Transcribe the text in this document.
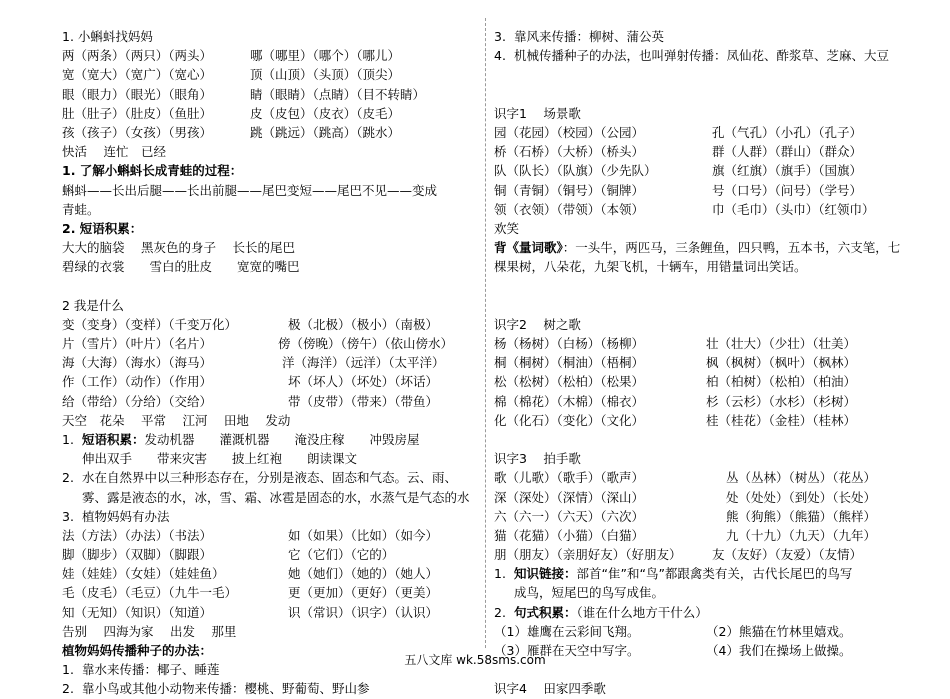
1. 小蝌蚪找妈妈
两（两条）（两只）（两头）	哪（哪里）（哪个）（哪儿）
宽（宽大）（宽广）（宽心）	顶（山顶）（头顶）（顶尖）
眼（眼力）（眼光）（眼角）	睛（眼睛）（点睛）（目不转睛）
肚（肚子）（肚皮）（鱼肚）	皮（皮包）（皮衣）（皮毛）
孩（孩子）（女孩）（男孩）	跳（跳远）（跳高）（跳水）
快活　 连忙　已经
1. 了解小蝌蚪长成青蛙的过程：
蝌蚪——长出后腿——长出前腿——尾巴变短——尾巴不见——变成
青蛙。
2. 短语积累：
大大的脑袋　 黑灰色的身子　 长长的尾巴
碧绿的衣裳　　雪白的肚皮　　宽宽的嘴巴
2 我是什么
变（变身）（变样）（千变万化）	极（北极）（极小）（南极）
片（雪片）（叶片）（名片）	傍（傍晚）（傍午）（依山傍水）
海（大海）（海水）（海马）	洋（海洋）（远洋）（太平洋）
作（工作）（动作）（作用）	坏（坏人）（坏处）（坏话）
给（带给）（分给）（交给）	带（皮带）（带来）（带鱼）
天空　花朵　 平常　 江河　 田地　 发动
1. 短语积累：发动机器　　灌溉机器　　淹没庄稼　　冲毁房屋
伸出双手　　带来灾害　　披上红袍　　朗读课文
2. 水在自然界中以三种形态存在，分别是液态、固态和气态。云、雨、
雾、露是液态的水，冰，雪、霜、冰雹是固态的水，水蒸气是气态的水
3. 植物妈妈有办法
法（方法）（办法）（书法）	如（如果）（比如）（如今）
脚（脚步）（双脚）（脚跟）	它（它们）（它的）
娃（娃娃）（女娃）（娃娃鱼）	她（她们）（她的）（她人）
毛（皮毛）（毛豆）（九牛一毛）	更（更加）（更好）（更美）
知（无知）（知识）（知道）	识（常识）（识字）（认识）
告别　 四海为家　 出发　 那里
植物妈妈传播种子的办法：
1. 靠水来传播：椰子、睡莲
2. 靠小鸟或其他小动物来传播：樱桃、野葡萄、野山参
3. 靠风来传播：柳树、蒲公英
4. 机械传播种子的办法，也叫弹射传播：凤仙花、酢浆草、芝麻、大豆
识字1　 场景歌
园（花园）（校园）（公园）	孔（气孔）（小孔）（孔子）
桥（石桥）（大桥）（桥头）	群（人群）（群山）（群众）
队（队长）（队旗）（少先队）	旗（红旗）（旗手）（国旗）
铜（青铜）（铜号）（铜牌）	号（口号）（问号）（学号）
领（衣领）（带领）（本领）	巾（毛巾）（头巾）（红领巾）
欢笑
背《量词歌》：一头牛，两匹马，三条鲤鱼，四只鸭，五本书，六支笔，七
棵果树，八朵花，九架飞机，十辆车，用错量词出笑话。
识字2　 树之歌
杨（杨树）（白杨）（杨柳）	壮（壮大）（少壮）（壮美）
桐（桐树）（桐油）（梧桐）	枫（枫树）（枫叶）（枫林）
松（松树）（松柏）（松果）	柏（柏树）（松柏）（柏油）
棉（棉花）（木棉）（棉衣）	杉（云杉）（水杉）（杉树）
化（化石）（变化）（文化）	桂（桂花）（金桂）（桂林）
识字3　 拍手歌
歌（儿歌）（歌手）（歌声）	丛（丛林）（树丛）（花丛）
深（深处）（深情）（深山）	处（处处）（到处）（长处）
六（六一）（六天）（六次）	熊（狗熊）（熊猫）（熊样）
猫（花猫）（小猫）（白猫）	九（十九）（九天）（九年）
朋（朋友）（亲朋好友）（好朋友） 友（友好）（友爱）（友情）
1. 知识链接：部首“隹”和“鸟”都跟禽类有关，古代长尾巴的鸟写
成鸟，短尾巴的鸟写成隹。
2. 句式积累：（谁在什么地方干什么）
（1）雄鹰在云彩间飞翔。	（2）熊猫在竹林里嬉戏。
（3）雁群在天空中写字。	（4）我们在操场上做操。
识字4　 田家四季歌
五八文库 wk.58sms.com
